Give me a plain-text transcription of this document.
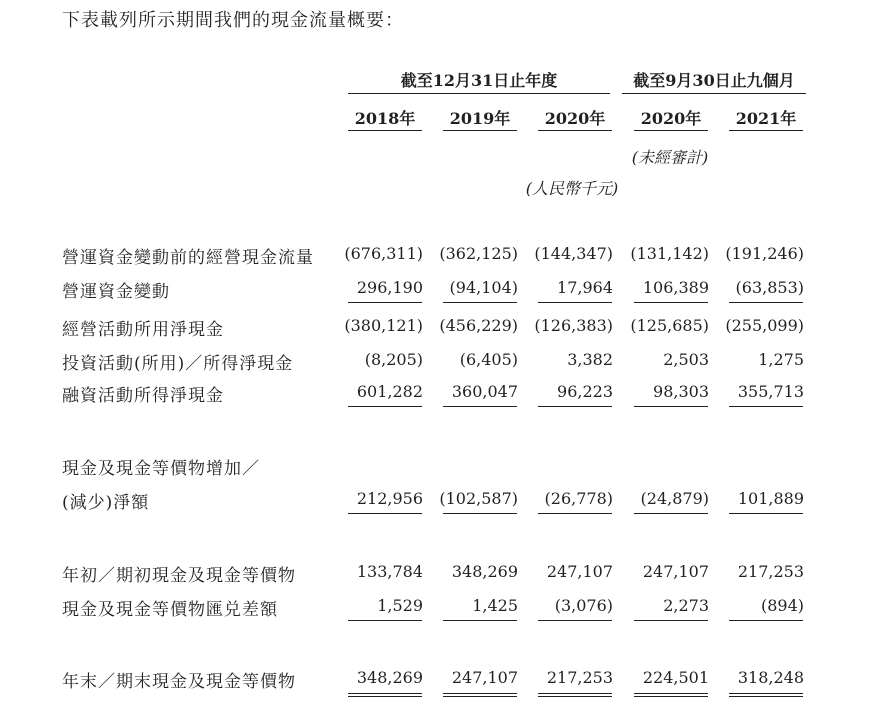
下表載列所示期間我們的現金流量概要：
截至12月31日止年度	截至9月30日止九個月
2018年	2019年	2020年	2020年	2021年
(未經審計)
(人民幣千元)
營運資金變動前的經營現金流量	(676,311)	(362,125)	(144,347)	(131,142)	(191,246)
營運資金變動	296,190	(94,104)	17,964	106,389	(63,853)
經營活動所用淨現金	(380,121)	(456,229)	(126,383)	(125,685)	(255,099)
投資活動(所用)／所得淨現金	(8,205)	(6,405)	3,382	2,503	1,275
融資活動所得淨現金	601,282	360,047	96,223	98,303	355,713
現金及現金等價物增加／
(減少)淨額	212,956	(102,587)	(26,778)	(24,879)	101,889
年初／期初現金及現金等價物	133,784	348,269	247,107	247,107	217,253
現金及現金等價物匯兑差額	1,529	1,425	(3,076)	2,273	(894)
年末／期末現金及現金等價物	348,269	247,107	217,253	224,501	318,248
